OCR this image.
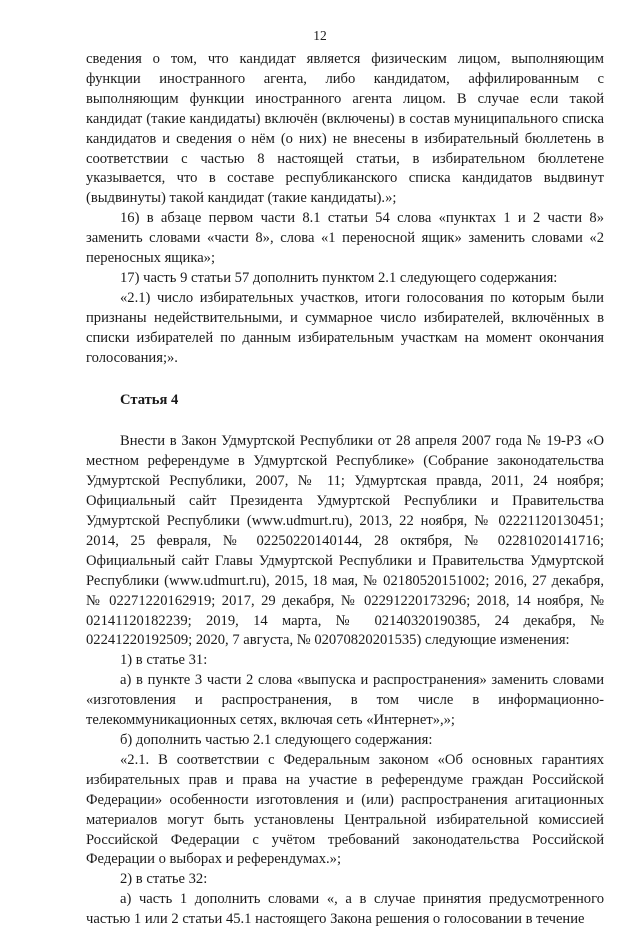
12

сведения о том, что кандидат является физическим лицом, выполняющим функции иностранного агента, либо кандидатом, аффилированным с выполняющим функции иностранного агента лицом. В случае если такой кандидат (такие кандидаты) включён (включены) в состав муниципального списка кандидатов и сведения о нём (о них) не внесены в избирательный бюллетень в соответствии с частью 8 настоящей статьи, в избирательном бюллетене указывается, что в составе республиканского списка кандидатов выдвинут (выдвинуты) такой кандидат (такие кандидаты).»;

16) в абзаце первом части 8.1 статьи 54 слова «пунктах 1 и 2 части 8» заменить словами «части 8», слова «1 переносной ящик» заменить словами «2 переносных ящика»;

17) часть 9 статьи 57 дополнить пунктом 2.1 следующего содержания:

«2.1) число избирательных участков, итоги голосования по которым были признаны недействительными, и суммарное число избирателей, включённых в списки избирателей по данным избирательным участкам на момент окончания голосования;».

Статья 4

Внести в Закон Удмуртской Республики от 28 апреля 2007 года № 19-РЗ «О местном референдуме в Удмуртской Республике» (Собрание законодательства Удмуртской Республики, 2007, № 11; Удмуртская правда, 2011, 24 ноября; Официальный сайт Президента Удмуртской Республики и Правительства Удмуртской Республики (www.udmurt.ru), 2013, 22 ноября, № 02221120130451; 2014, 25 февраля, № 02250220140144, 28 октября, № 02281020141716; Официальный сайт Главы Удмуртской Республики и Правительства Удмуртской Республики (www.udmurt.ru), 2015, 18 мая, № 02180520151002; 2016, 27 декабря, № 02271220162919; 2017, 29 декабря, № 02291220173296; 2018, 14 ноября, № 02141120182239; 2019, 14 марта, № 02140320190385, 24 декабря, № 02241220192509; 2020, 7 августа, № 02070820201535) следующие изменения:

1) в статье 31:

а) в пункте 3 части 2 слова «выпуска и распространения» заменить словами «изготовления и распространения, в том числе в информационно-телекоммуникационных сетях, включая сеть «Интернет»,»;

б) дополнить частью 2.1 следующего содержания:

«2.1. В соответствии с Федеральным законом «Об основных гарантиях избирательных прав и права на участие в референдуме граждан Российской Федерации» особенности изготовления и (или) распространения агитационных материалов могут быть установлены Центральной избирательной комиссией Российской Федерации с учётом требований законодательства Российской Федерации о выборах и референдумах.»;

2) в статье 32:

а) часть 1 дополнить словами «, а в случае принятия предусмотренного частью 1 или 2 статьи 45.1 настоящего Закона решения о голосовании в течение
